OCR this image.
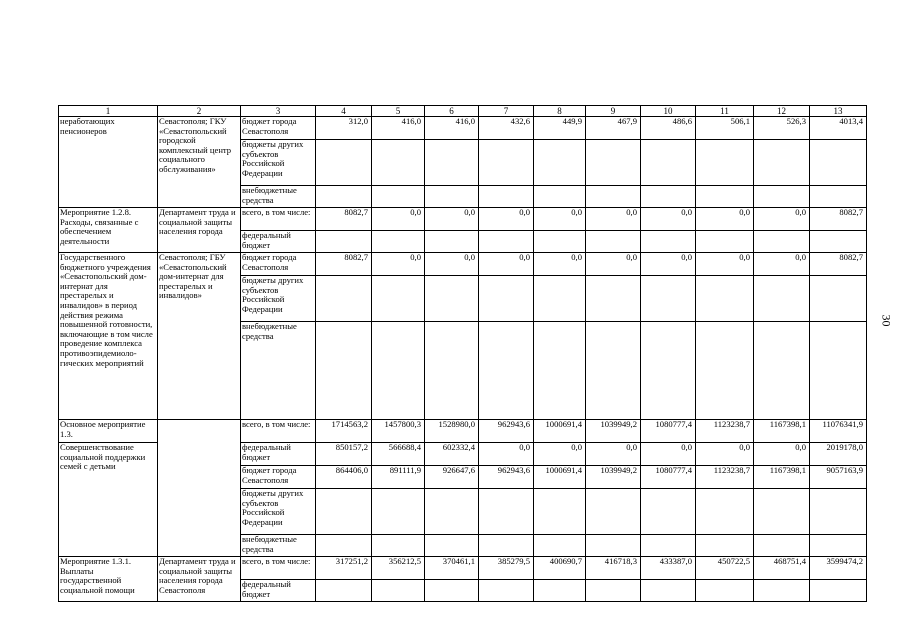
1	2	3	4	5	6	7	8	9	10	11	12	13
неработающих пенсионеров	Севастополя; ГКУ «Севастопольский городской комплексный центр социального обслуживания»	бюджет города Севастополя	312,0	416,0	416,0	432,6	449,9	467,9	486,6	506,1	526,3	4013,4
		бюджеты других субъектов Российской Федерации										
		внебюджетные средства										
Мероприятие 1.2.8. Расходы, связанные с обеспечением деятельности	Департамент труда и социальной защиты населения города	всего, в том числе:	8082,7	0,0	0,0	0,0	0,0	0,0	0,0	0,0	0,0	8082,7
		федеральный бюджет										
Государственного бюджетного учреждения «Севастопольский дом-интернат для престарелых и инвалидов» в период действия режима повышенной готовности, включающие в том числе проведение комплекса противоэпидемиоло-гических мероприятий	Севастополя; ГБУ «Севастопольский дом-интернат для престарелых и инвалидов»	бюджет города Севастополя	8082,7	0,0	0,0	0,0	0,0	0,0	0,0	0,0	0,0	8082,7
		бюджеты других субъектов Российской Федерации										
		внебюджетные средства										
Основное мероприятие 1.3.		всего, в том числе:	1714563,2	1457800,3	1528980,0	962943,6	1000691,4	1039949,2	1080777,4	1123238,7	1167398,1	11076341,9
Совершенствование социальной поддержки семей с детьми		федеральный бюджет	850157,2	566688,4	602332,4	0,0	0,0	0,0	0,0	0,0	0,0	2019178,0
		бюджет города Севастополя	864406,0	891111,9	926647,6	962943,6	1000691,4	1039949,2	1080777,4	1123238,7	1167398,1	9057163,9
		бюджеты других субъектов Российской Федерации										
		внебюджетные средства										
Мероприятие 1.3.1. Выплаты государственной социальной помощи	Департамент труда и социальной защиты населения города Севастополя	всего, в том числе:	317251,2	356212,5	370461,1	385279,5	400690,7	416718,3	433387,0	450722,5	468751,4	3599474,2
		федеральный бюджет										
30
